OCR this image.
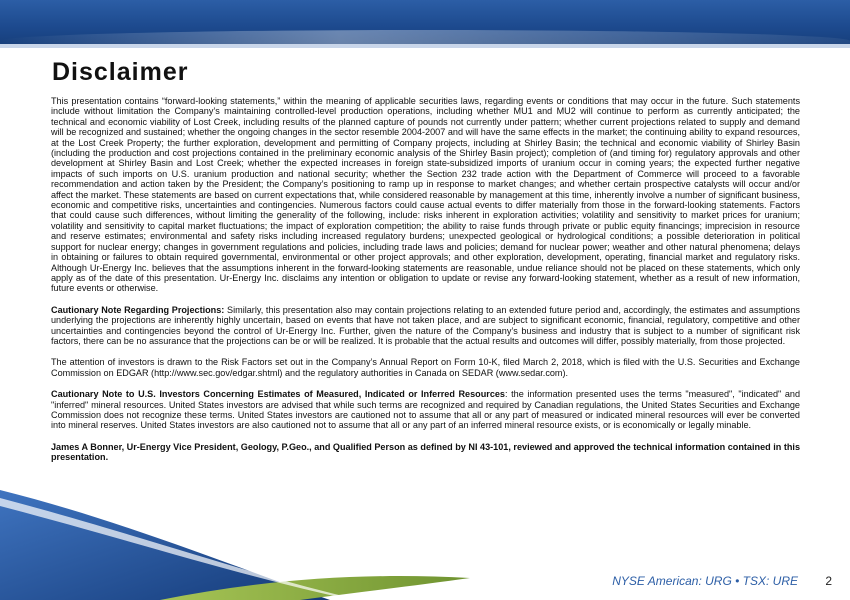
Disclaimer

This presentation contains “forward-looking statements,” within the meaning of applicable securities laws, regarding events or conditions that may occur in the future. Such statements include without limitation the Company’s maintaining controlled-level production operations, including whether MU1 and MU2 will continue to perform as currently anticipated; the technical and economic viability of Lost Creek, including results of the planned capture of pounds not currently under pattern; whether current projections related to supply and demand will be recognized and sustained; whether the ongoing changes in the sector resemble 2004-2007 and will have the same effects in the market; the continuing ability to expand resources, at the Lost Creek Property; the further exploration, development and permitting of Company projects, including at Shirley Basin; the technical and economic viability of Shirley Basin (including the production and cost projections contained in the preliminary economic analysis of the Shirley Basin project); completion of (and timing for) regulatory approvals and other development at Shirley Basin and Lost Creek; whether the expected increases in foreign state-subsidized imports of uranium occur in coming years; the expected further negative impacts of such imports on U.S. uranium production and national security; whether the Section 232 trade action with the Department of Commerce will proceed to a favorable recommendation and action taken by the President; the Company’s positioning to ramp up in response to market changes; and whether certain prospective catalysts will occur and/or affect the market. These statements are based on current expectations that, while considered reasonable by management at this time, inherently involve a number of significant business, economic and competitive risks, uncertainties and contingencies. Numerous factors could cause actual events to differ materially from those in the forward-looking statements. Factors that could cause such differences, without limiting the generality of the following, include: risks inherent in exploration activities; volatility and sensitivity to market prices for uranium; volatility and sensitivity to capital market fluctuations; the impact of exploration competition; the ability to raise funds through private or public equity financings; imprecision in resource and reserve estimates; environmental and safety risks including increased regulatory burdens; unexpected geological or hydrological conditions; a possible deterioration in political support for nuclear energy; changes in government regulations and policies, including trade laws and policies; demand for nuclear power; weather and other natural phenomena; delays in obtaining or failures to obtain required governmental, environmental or other project approvals; and other exploration, development, operating, financial market and regulatory risks. Although Ur-Energy Inc. believes that the assumptions inherent in the forward-looking statements are reasonable, undue reliance should not be placed on these statements, which only apply as of the date of this presentation. Ur-Energy Inc. disclaims any intention or obligation to update or revise any forward-looking statement, whether as a result of new information, future events or otherwise.

Cautionary Note Regarding Projections: Similarly, this presentation also may contain projections relating to an extended future period and, accordingly, the estimates and assumptions underlying the projections are inherently highly uncertain, based on events that have not taken place, and are subject to significant economic, financial, regulatory, competitive and other uncertainties and contingencies beyond the control of Ur-Energy Inc. Further, given the nature of the Company’s business and industry that is subject to a number of significant risk factors, there can be no assurance that the projections can be or will be realized. It is probable that the actual results and outcomes will differ, possibly materially, from those projected.

The attention of investors is drawn to the Risk Factors set out in the Company’s Annual Report on Form 10-K, filed March 2, 2018, which is filed with the U.S. Securities and Exchange Commission on EDGAR (http://www.sec.gov/edgar.shtml) and the regulatory authorities in Canada on SEDAR (www.sedar.com).

Cautionary Note to U.S. Investors Concerning Estimates of Measured, Indicated or Inferred Resources: the information presented uses the terms "measured", "indicated" and "inferred" mineral resources. United States investors are advised that while such terms are recognized and required by Canadian regulations, the United States Securities and Exchange Commission does not recognize these terms. United States investors are cautioned not to assume that all or any part of measured or indicated mineral resources will ever be converted into mineral reserves. United States investors are also cautioned not to assume that all or any part of an inferred mineral resource exists, or is economically or legally minable.

James A Bonner, Ur-Energy Vice President, Geology, P.Geo., and Qualified Person as defined by NI 43-101, reviewed and approved the technical information contained in this presentation.

NYSE American: URG • TSX: URE 2
